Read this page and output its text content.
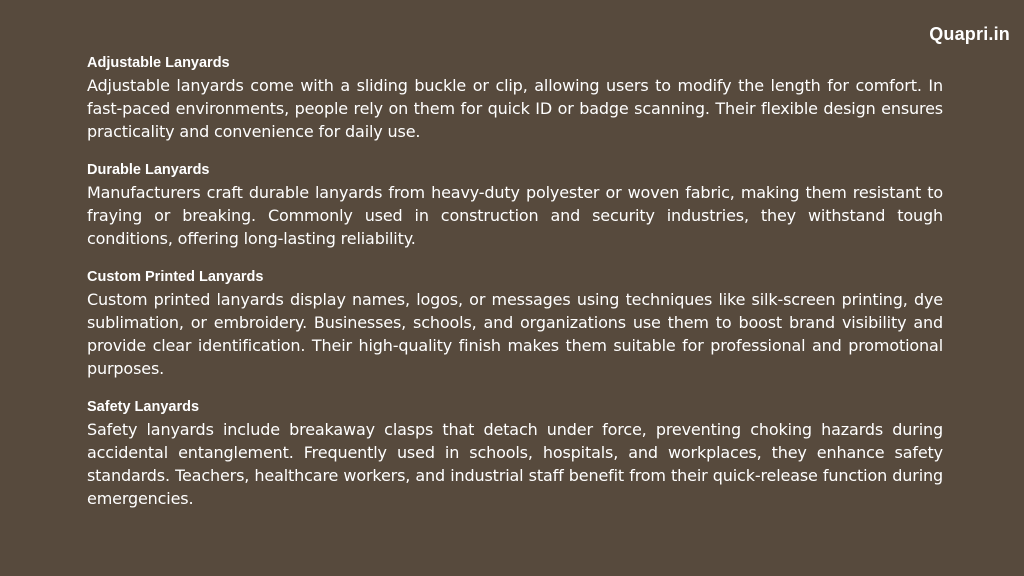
Quapri.in

Adjustable Lanyards

Adjustable lanyards come with a sliding buckle or clip, allowing users to modify the length for comfort. In fast-paced environments, people rely on them for quick ID or badge scanning. Their flexible design ensures practicality and convenience for daily use.

Durable Lanyards

Manufacturers craft durable lanyards from heavy-duty polyester or woven fabric, making them resistant to fraying or breaking. Commonly used in construction and security industries, they withstand tough conditions, offering long-lasting reliability.

Custom Printed Lanyards

Custom printed lanyards display names, logos, or messages using techniques like silk-screen printing, dye sublimation, or embroidery. Businesses, schools, and organizations use them to boost brand visibility and provide clear identification. Their high-quality finish makes them suitable for professional and promotional purposes.

Safety Lanyards

Safety lanyards include breakaway clasps that detach under force, preventing choking hazards during accidental entanglement. Frequently used in schools, hospitals, and workplaces, they enhance safety standards. Teachers, healthcare workers, and industrial staff benefit from their quick-release function during emergencies.
